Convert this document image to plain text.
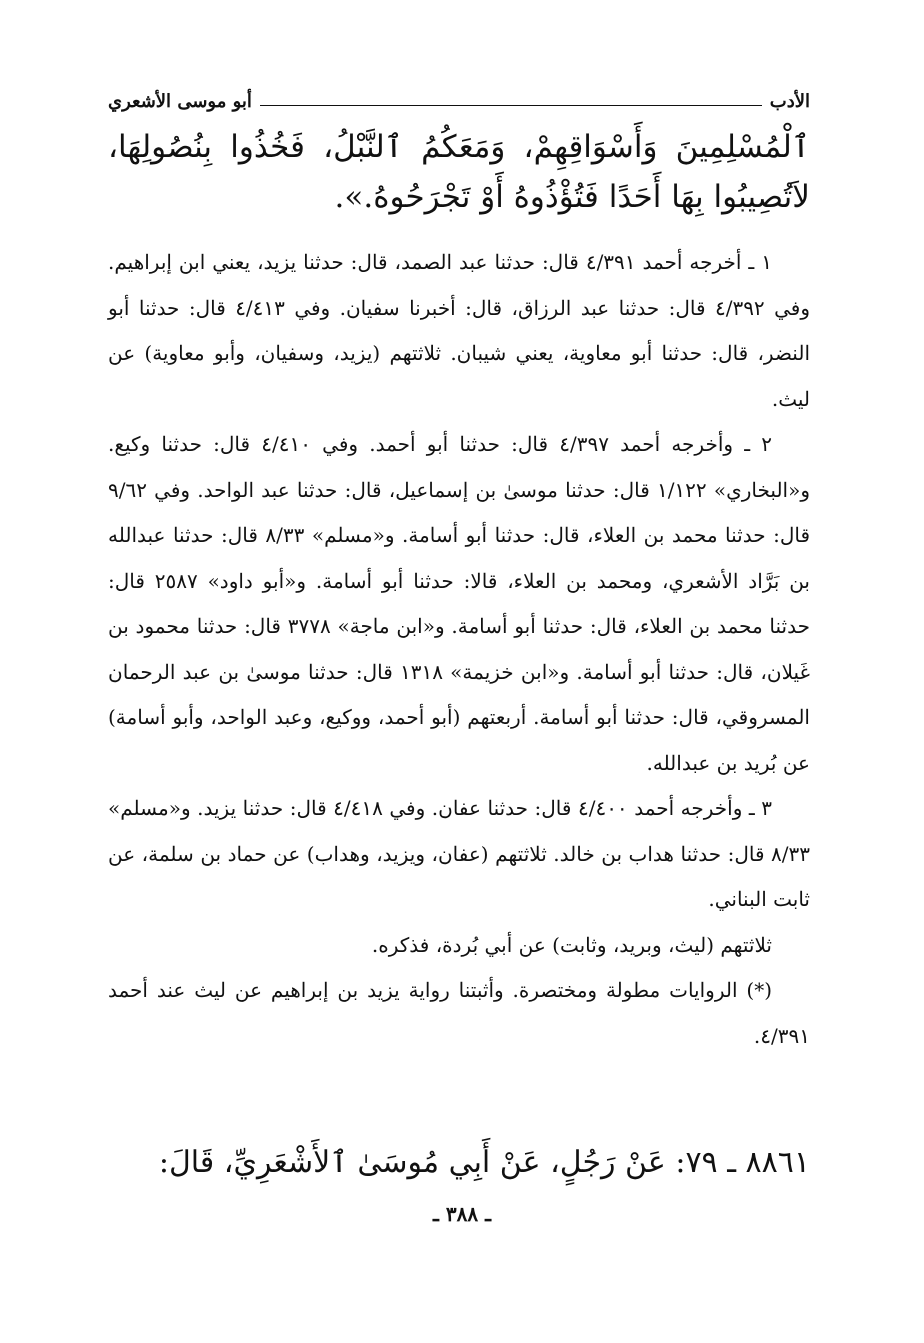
الأدب
أبو موسى الأشعري
ٱلْمُسْلِمِينَ وَأَسْوَاقِهِمْ، وَمَعَكُمُ ٱلنَّبْلُ، فَخُذُوا بِنُصُولِهَا، لاَتُصِيبُوا بِهَا أَحَدًا فَتُؤْذُوهُ أَوْ تَجْرَحُوهُ.».

١ ـ أخرجه أحمد ٤/٣٩١ قال: حدثنا عبد الصمد، قال: حدثنا يزيد، يعني ابن إبراهيم. وفي ٤/٣٩٢ قال: حدثنا عبد الرزاق، قال: أخبرنا سفيان. وفي ٤/٤١٣ قال: حدثنا أبو النضر، قال: حدثنا أبو معاوية، يعني شيبان. ثلاثتهم (يزيد، وسفيان، وأبو معاوية) عن ليث.

٢ ـ وأخرجه أحمد ٤/٣٩٧ قال: حدثنا أبو أحمد. وفي ٤/٤١٠ قال: حدثنا وكيع. و«البخاري» ١/١٢٢ قال: حدثنا موسىٰ بن إسماعيل، قال: حدثنا عبد الواحد. وفي ٩/٦٢ قال: حدثنا محمد بن العلاء، قال: حدثنا أبو أسامة. و«مسلم» ٨/٣٣ قال: حدثنا عبدالله بن بَرَّاد الأشعري، ومحمد بن العلاء، قالا: حدثنا أبو أسامة. و«أبو داود» ٢٥٨٧ قال: حدثنا محمد بن العلاء، قال: حدثنا أبو أسامة. و«ابن ماجة» ٣٧٧٨ قال: حدثنا محمود بن غَيلان، قال: حدثنا أبو أسامة. و«ابن خزيمة» ١٣١٨ قال: حدثنا موسىٰ بن عبد الرحمان المسروقي، قال: حدثنا أبو أسامة. أربعتهم (أبو أحمد، ووكيع، وعبد الواحد، وأبو أسامة) عن بُريد بن عبدالله.

٣ ـ وأخرجه أحمد ٤/٤٠٠ قال: حدثنا عفان. وفي ٤/٤١٨ قال: حدثنا يزيد. و«مسلم» ٨/٣٣ قال: حدثنا هداب بن خالد. ثلاثتهم (عفان، ويزيد، وهداب) عن حماد بن سلمة، عن ثابت البناني.

ثلاثتهم (ليث، وبريد، وثابت) عن أبي بُردة، فذكره.

(*) الروايات مطولة ومختصرة. وأثبتنا رواية يزيد بن إبراهيم عن ليث عند أحمد ٤/٣٩١.

٨٨٦١ ـ ٧٩: عَنْ رَجُلٍ، عَنْ أَبِي مُوسَىٰ ٱلأَشْعَرِيِّ، قَالَ:
ـ ٣٨٨ ـ
